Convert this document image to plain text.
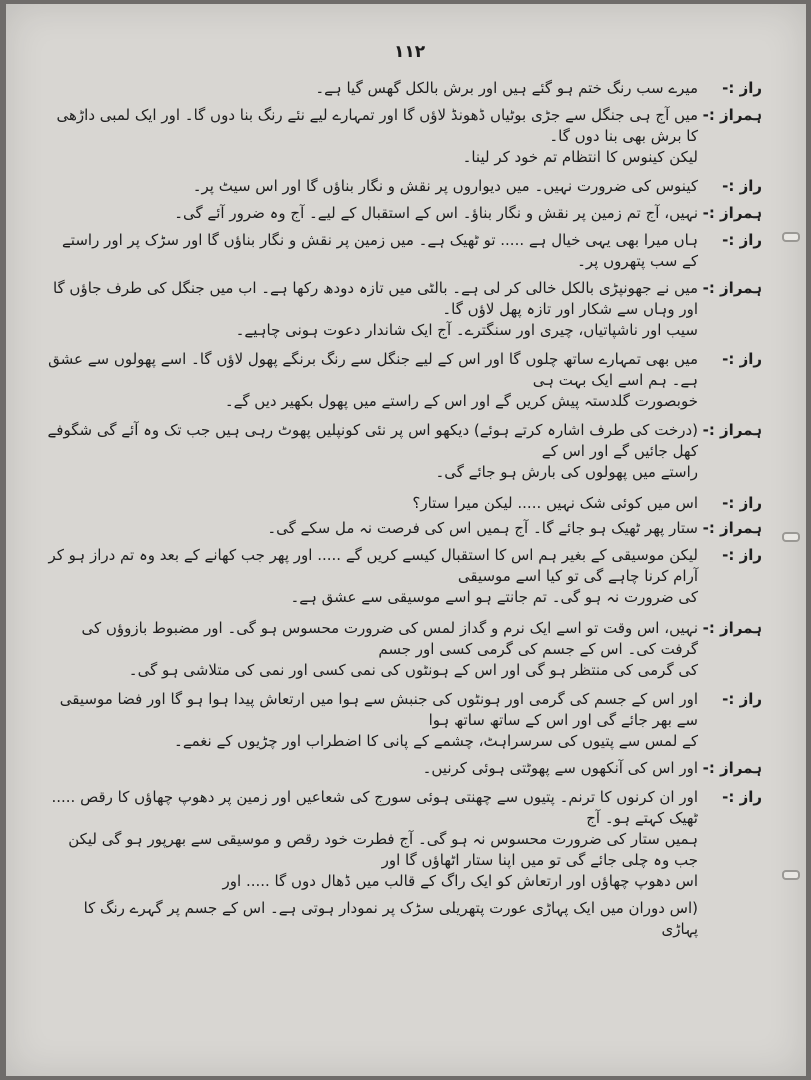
١١٢
راز :-
میرے سب رنگ ختم ہو گئے ہیں اور برش بالکل گھس گیا ہے۔
ہمراز :-
میں آج ہی جنگل سے جڑی بوٹیاں ڈھونڈ لاؤں گا اور تمہارے لیے نئے رنگ بنا دوں گا۔ اور ایک لمبی داڑھی کا برش بھی بنا دوں گا۔
لیکن کینوس کا انتظام تم خود کر لینا۔
راز :-
کینوس کی ضرورت نہیں۔ میں دیواروں پر نقش و نگار بناؤں گا اور اس سیٹ پر۔
ہمراز :-
نہیں، آج تم زمین پر نقش و نگار بناؤ۔ اس کے استقبال کے لیے۔ آج وہ ضرور آئے گی۔
راز :-
ہاں میرا بھی یہی خیال ہے ..... تو ٹھیک ہے۔ میں زمین پر نقش و نگار بناؤں گا اور سڑک پر اور راستے کے سب پتھروں پر۔
ہمراز :-
میں نے جھونپڑی بالکل خالی کر لی ہے۔ بالٹی میں تازہ دودھ رکھا ہے۔ اب میں جنگل کی طرف جاؤں گا اور وہاں سے شکار اور تازہ پھل لاؤں گا۔
سیب اور ناشپاتیاں، چیری اور سنگترے۔ آج ایک شاندار دعوت ہونی چاہیے۔
راز :-
میں بھی تمہارے ساتھ چلوں گا اور اس کے لیے جنگل سے رنگ برنگے پھول لاؤں گا۔ اسے پھولوں سے عشق ہے۔ ہم اسے ایک بہت ہی
خوبصورت گلدستہ پیش کریں گے اور اس کے راستے میں پھول بکھیر دیں گے۔
ہمراز :-
(درخت کی طرف اشارہ کرتے ہوئے) دیکھو اس پر نئی کونپلیں پھوٹ رہی ہیں جب تک وہ آئے گی شگوفے کھل جائیں گے اور اس کے
راستے میں پھولوں کی بارش ہو جائے گی۔
راز :-
اس میں کوئی شک نہیں ..... لیکن میرا ستار؟
ہمراز :-
ستار پھر ٹھیک ہو جائے گا۔ آج ہمیں اس کی فرصت نہ مل سکے گی۔
راز :-
لیکن موسیقی کے بغیر ہم اس کا استقبال کیسے کریں گے ..... اور پھر جب کھانے کے بعد وہ تم دراز ہو کر آرام کرنا چاہے گی تو کیا اسے موسیقی
کی ضرورت نہ ہو گی۔ تم جانتے ہو اسے موسیقی سے عشق ہے۔
ہمراز :-
نہیں، اس وقت تو اسے ایک نرم و گداز لمس کی ضرورت محسوس ہو گی۔ اور مضبوط بازوؤں کی گرفت کی۔ اس کے جسم کی گرمی کسی اور جسم
کی گرمی کی منتظر ہو گی اور اس کے ہونٹوں کی نمی کسی اور نمی کی متلاشی ہو گی۔
راز :-
اور اس کے جسم کی گرمی اور ہونٹوں کی جنبش سے ہوا میں ارتعاش پیدا ہوا ہو گا اور فضا موسیقی سے بھر جائے گی اور اس کے ساتھ ساتھ ہوا
کے لمس سے پتیوں کی سرسراہٹ، چشمے کے پانی کا اضطراب اور چڑیوں کے نغمے۔
ہمراز :-
اور اس کی آنکھوں سے پھوٹتی ہوئی کرنیں۔
راز :-
اور ان کرنوں کا ترنم۔ پتیوں سے چھنتی ہوئی سورج کی شعاعیں اور زمین پر دھوپ چھاؤں کا رقص ..... ٹھیک کہتے ہو۔ آج
ہمیں ستار کی ضرورت محسوس نہ ہو گی۔ آج فطرت خود رقص و موسیقی سے بھرپور ہو گی لیکن جب وہ چلی جائے گی تو میں اپنا ستار اٹھاؤں گا اور
اس دھوپ چھاؤں اور ارتعاش کو ایک راگ کے قالب میں ڈھال دوں گا ..... اور
(اس دوران میں ایک پہاڑی عورت پتھریلی سڑک پر نمودار ہوتی ہے۔ اس کے جسم پر گہرے رنگ کا پہاڑی
